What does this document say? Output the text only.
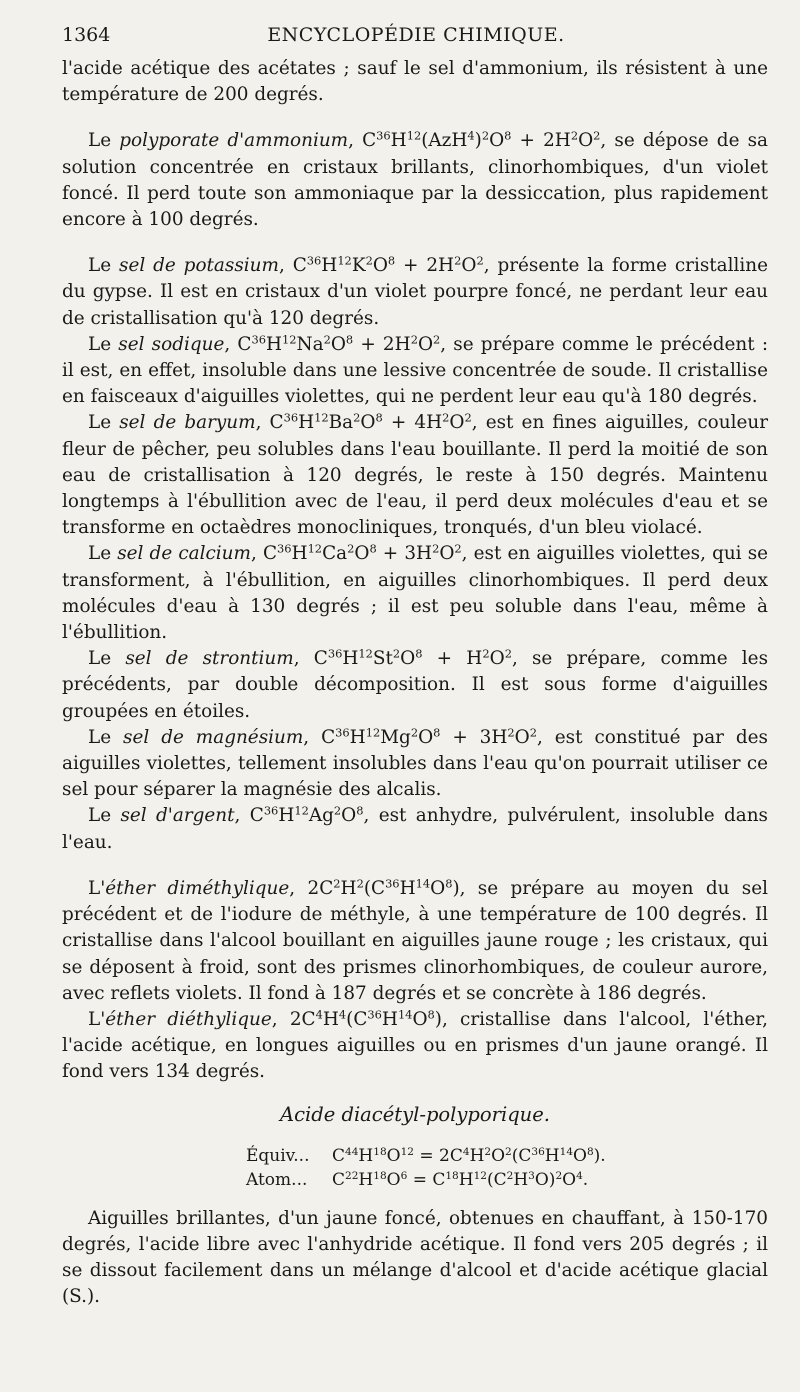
1364	ENCYCLOPÉDIE CHIMIQUE.

l'acide acétique des acétates ; sauf le sel d'ammonium, ils résistent à une température de 200 degrés.

Le polyporate d'ammonium, $C^{36}H^{12}(AzH^4)^2O^8 + 2H^2O^2$, se dépose de sa solution concentrée en cristaux brillants, clinorhombiques, d'un violet foncé. Il perd toute son ammoniaque par la dessiccation, plus rapidement encore à 100 degrés.

Le sel de potassium, $C^{36}H^{12}K^2O^8 + 2H^2O^2$, présente la forme cristalline du gypse. Il est en cristaux d'un violet pourpre foncé, ne perdant leur eau de cristallisation qu'à 120 degrés.

Le sel sodique, $C^{36}H^{12}Na^2O^8 + 2H^2O^2$, se prépare comme le précédent : il est, en effet, insoluble dans une lessive concentrée de soude. Il cristallise en faisceaux d'aiguilles violettes, qui ne perdent leur eau qu'à 180 degrés.

Le sel de baryum, $C^{36}H^{12}Ba^2O^8 + 4H^2O^2$, est en fines aiguilles, couleur fleur de pêcher, peu solubles dans l'eau bouillante. Il perd la moitié de son eau de cristallisation à 120 degrés, le reste à 150 degrés. Maintenu longtemps à l'ébullition avec de l'eau, il perd deux molécules d'eau et se transforme en octaèdres monocliniques, tronqués, d'un bleu violacé.

Le sel de calcium, $C^{36}H^{12}Ca^2O^8 + 3H^2O^2$, est en aiguilles violettes, qui se transforment, à l'ébullition, en aiguilles clinorhombiques. Il perd deux molécules d'eau à 130 degrés ; il est peu soluble dans l'eau, même à l'ébullition.

Le sel de strontium, $C^{36}H^{12}St^2O^8 + H^2O^2$, se prépare, comme les précédents, par double décomposition. Il est sous forme d'aiguilles groupées en étoiles.

Le sel de magnésium, $C^{36}H^{12}Mg^2O^8 + 3H^2O^2$, est constitué par des aiguilles violettes, tellement insolubles dans l'eau qu'on pourrait utiliser ce sel pour séparer la magnésie des alcalis.

Le sel d'argent, $C^{36}H^{12}Ag^2O^8$, est anhydre, pulvérulent, insoluble dans l'eau.

L'éther diméthylique, $2C^2H^2(C^{36}H^{14}O^8)$, se prépare au moyen du sel précédent et de l'iodure de méthyle, à une température de 100 degrés. Il cristallise dans l'alcool bouillant en aiguilles jaune rouge ; les cristaux, qui se déposent à froid, sont des prismes clinorhombiques, de couleur aurore, avec reflets violets. Il fond à 187 degrés et se concrète à 186 degrés.

L'éther diéthylique, $2C^4H^4(C^{36}H^{14}O^8)$, cristallise dans l'alcool, l'éther, l'acide acétique, en longues aiguilles ou en prismes d'un jaune orangé. Il fond vers 134 degrés.

Acide diacétyl-polyporique.
Équiv... $C^{44}H^{18}O^{12} = 2C^4H^2O^2(C^{36}H^{14}O^8)$.
Atom... $C^{22}H^{18}O^6 = C^{18}H^{12}(C^2H^3O)^2O^4$.

Aiguilles brillantes, d'un jaune foncé, obtenues en chauffant, à 150-170 degrés, l'acide libre avec l'anhydride acétique. Il fond vers 205 degrés ; il se dissout facilement dans un mélange d'alcool et d'acide acétique glacial (S.).
